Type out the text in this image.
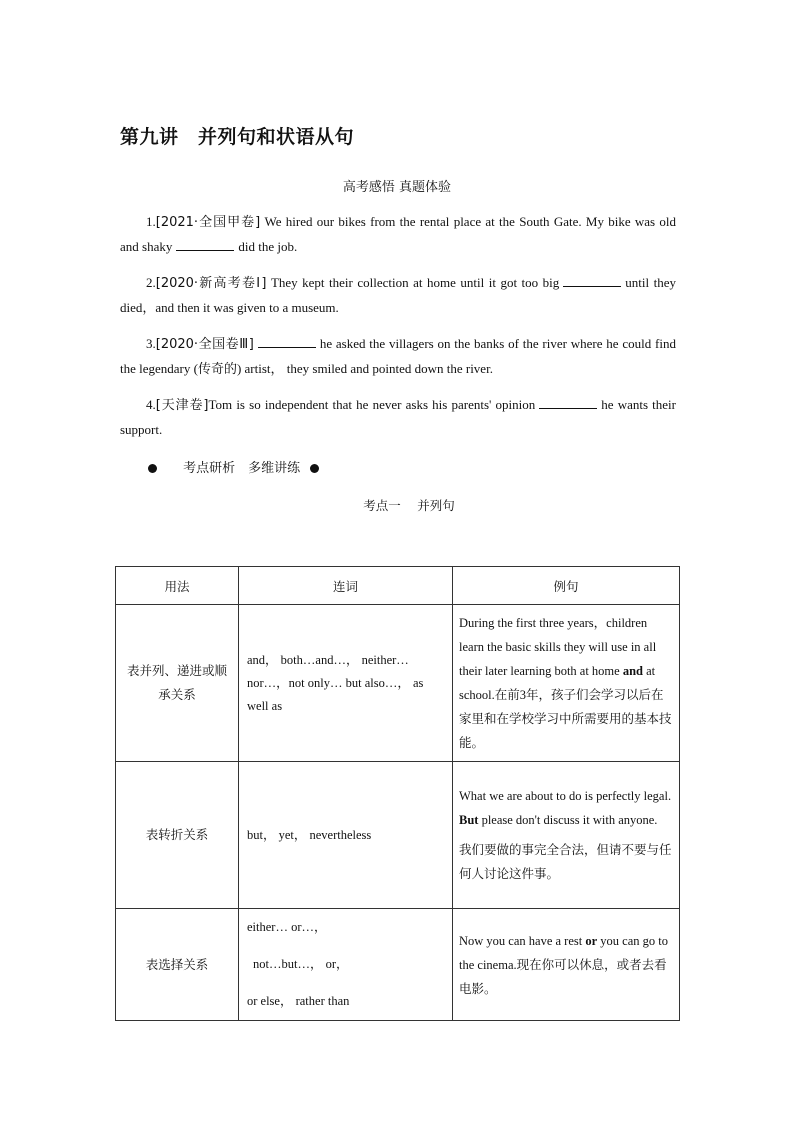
第九讲　并列句和状语从句
高考感悟 真题体验
1.[2021·全国甲卷] We hired our bikes from the rental place at the South Gate. My bike was old and shaky	did the job.
2.[2020·新高考卷Ⅰ] They kept their collection at home until it got too big	until they died，and then it was given to a museum.
3.[2020·全国卷Ⅲ]	he asked the villagers on the banks of the river where he could find the legendary (传奇的) artist， they smiled and pointed down the river.
4.[天津卷]Tom is so independent that he never asks his parents' opinion	he wants their support.
考点研析　多维讲练
考点一　 并列句
用法	连词	例句
表并列、递进或顺承关系	and， both…and…， neither…
nor…，not only… but also…， as
well as	During the first three years，children learn the basic skills they will use in all their later learning both at home and at school.在前3年，孩子们会学习以后在家里和在学校学习中所需要用的基本技能。
表转折关系	but， yet， nevertheless	What we are about to do is perfectly legal. But please don't discuss it with anyone.
我们要做的事完全合法，但请不要与任何人讨论这件事。

表选择关系	either… or…，
not…but…， or，
or else， rather than	Now you can have a rest or you can go to the cinema.现在你可以休息，或者去看电影。
